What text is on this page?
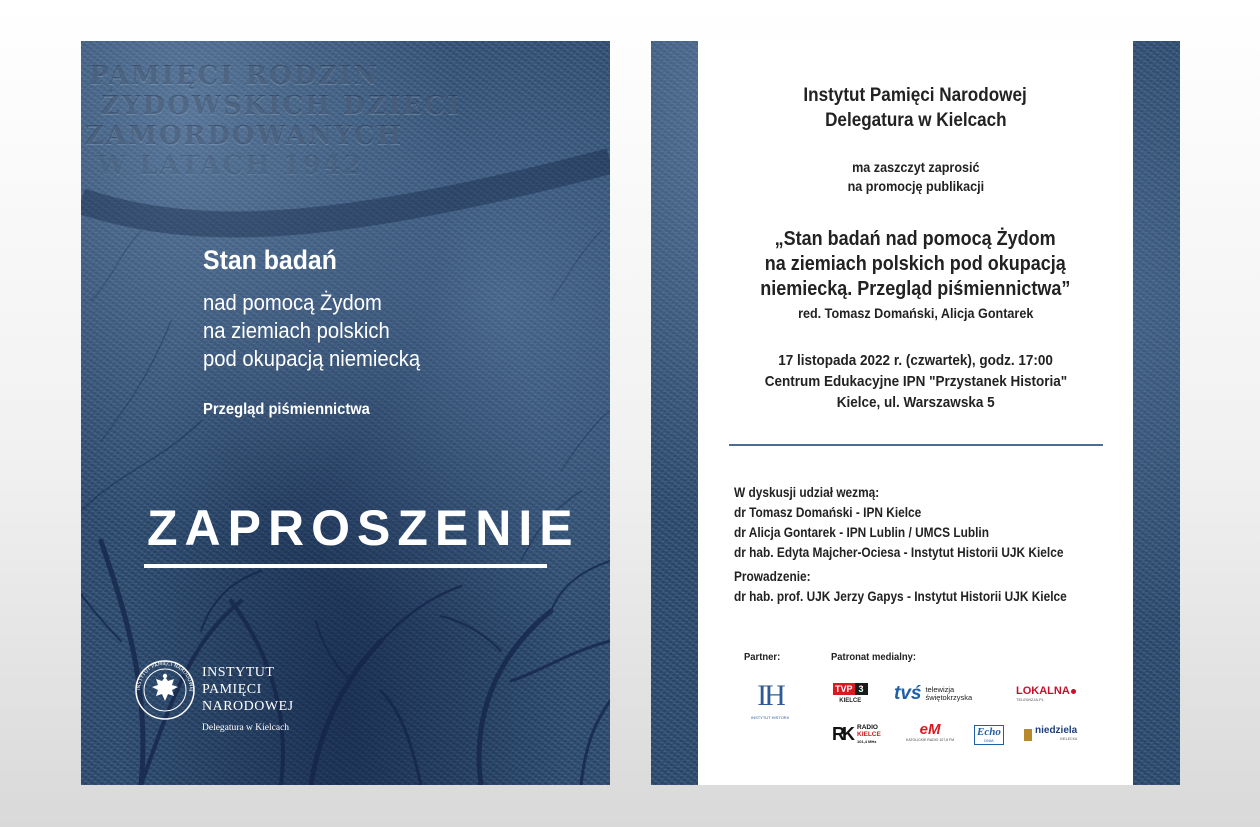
PAMIĘCI RODZIN
ŻYDOWSKICH DZIECI
ZAMORDOWANYCH
W LATACH 1942
Stan badań
nad pomocą Żydom
na ziemiach polskich
pod okupacją niemiecką
Przegląd piśmiennictwa
ZAPROSZENIE
INSTYTUT PAMIĘCI NARODOWEJ
INSTYTUT
PAMIĘCI
NARODOWEJ
Delegatura w Kielcach
Instytut Pamięci Narodowej
Delegatura w Kielcach
ma zaszczyt zaprosić
na promocję publikacji
„Stan badań nad pomocą Żydom
na ziemiach polskich pod okupacją
niemiecką. Przegląd piśmiennictwa”
red. Tomasz Domański, Alicja Gontarek
17 listopada 2022 r. (czwartek), godz. 17:00
Centrum Edukacyjne IPN "Przystanek Historia"
Kielce, ul. Warszawska 5
W dyskusji udział wezmą:
dr Tomasz Domański - IPN Kielce
dr Alicja Gontarek - IPN Lublin / UMCS Lublin
dr hab. Edyta Majcher-Ociesa - Instytut Historii UJK Kielce
Prowadzenie:
dr hab. prof. UJK Jerzy Gapys - Instytut Historii UJK Kielce
Partner:	Patronat medialny:
IH
INSTYTUT HISTORII
TVP 3
KIELCE tvś telewizja
świętokrzyska
LOKALNA
TELEWIZJA.PL
RK RADIO
KIELCE
101,4 MHz
eM
KATOLICKIE RADIO 107,8 FM
Echo
DNIA
niedziela
KIELECKA
